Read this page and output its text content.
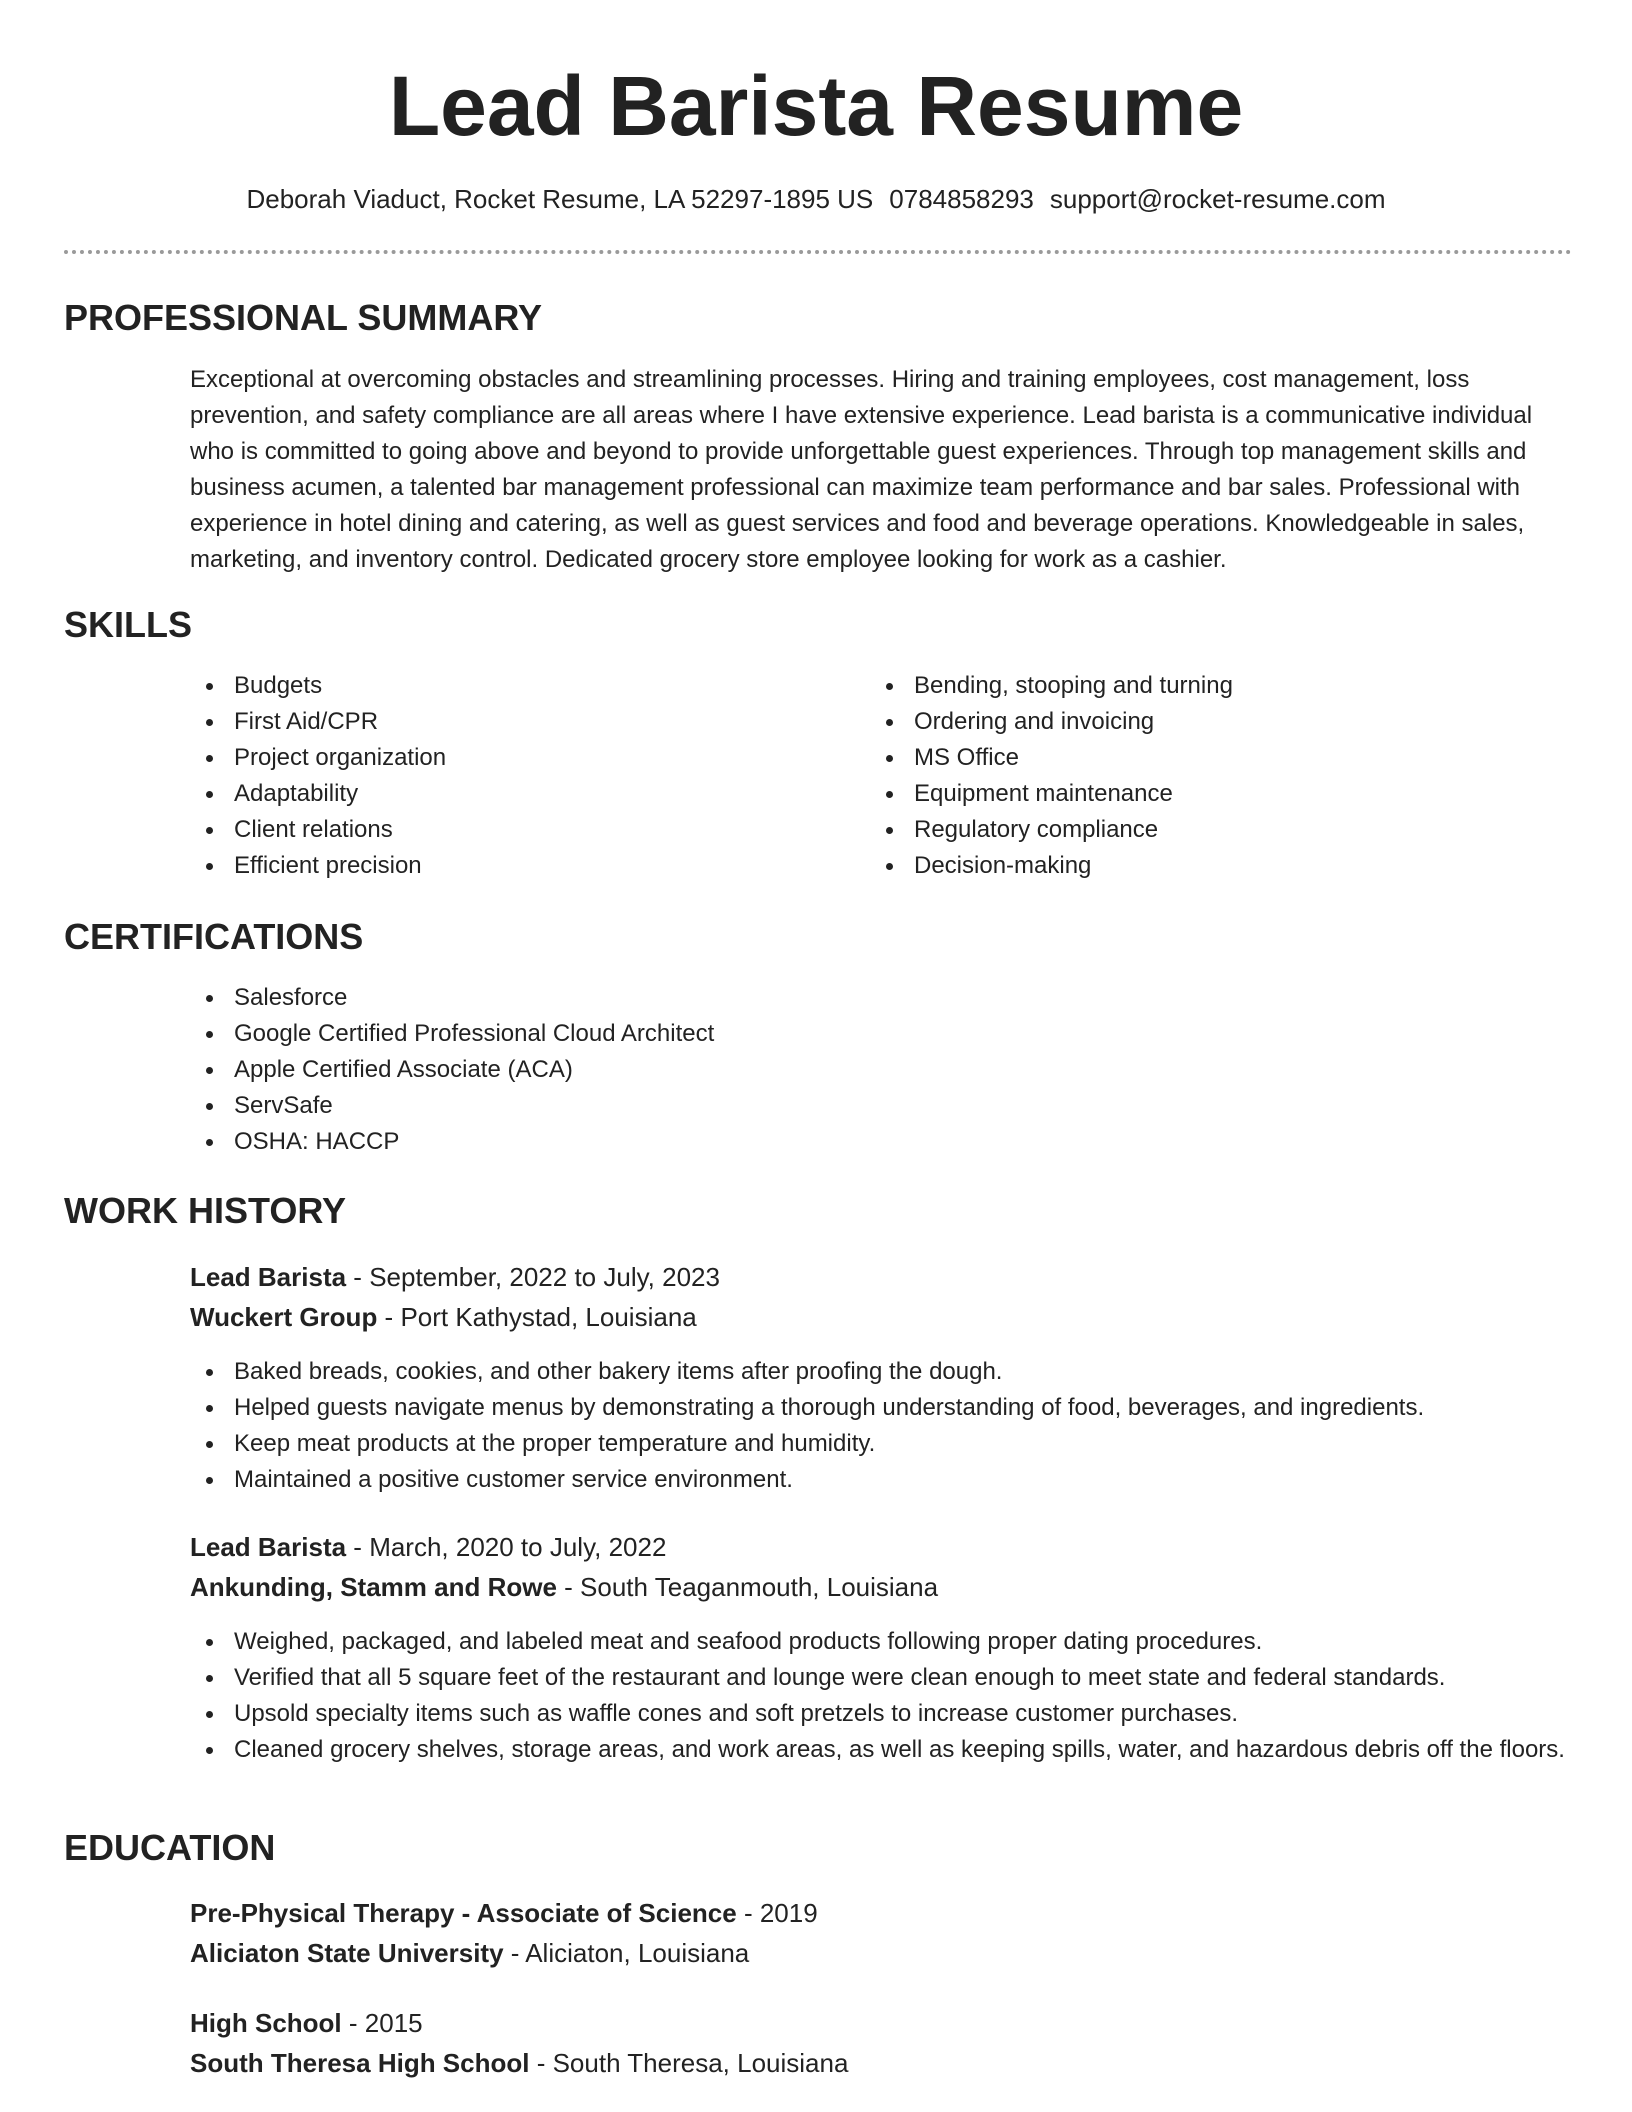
Lead Barista Resume
Deborah Viaduct, Rocket Resume, LA 52297-1895 US 0784858293 support@rocket-resume.com
PROFESSIONAL SUMMARY
Exceptional at overcoming obstacles and streamlining processes. Hiring and training employees, cost management, loss prevention, and safety compliance are all areas where I have extensive experience. Lead barista is a communicative individual who is committed to going above and beyond to provide unforgettable guest experiences. Through top management skills and business acumen, a talented bar management professional can maximize team performance and bar sales. Professional with experience in hotel dining and catering, as well as guest services and food and beverage operations. Knowledgeable in sales, marketing, and inventory control. Dedicated grocery store employee looking for work as a cashier.
SKILLS
Budgets
First Aid/CPR
Project organization
Adaptability
Client relations
Efficient precision
Bending, stooping and turning
Ordering and invoicing
MS Office
Equipment maintenance
Regulatory compliance
Decision-making
CERTIFICATIONS
Salesforce
Google Certified Professional Cloud Architect
Apple Certified Associate (ACA)
ServSafe
OSHA: HACCP
WORK HISTORY
Lead Barista - September, 2022 to July, 2023
Wuckert Group - Port Kathystad, Louisiana
Baked breads, cookies, and other bakery items after proofing the dough.
Helped guests navigate menus by demonstrating a thorough understanding of food, beverages, and ingredients.
Keep meat products at the proper temperature and humidity.
Maintained a positive customer service environment.
Lead Barista - March, 2020 to July, 2022
Ankunding, Stamm and Rowe - South Teaganmouth, Louisiana
Weighed, packaged, and labeled meat and seafood products following proper dating procedures.
Verified that all 5 square feet of the restaurant and lounge were clean enough to meet state and federal standards.
Upsold specialty items such as waffle cones and soft pretzels to increase customer purchases.
Cleaned grocery shelves, storage areas, and work areas, as well as keeping spills, water, and hazardous debris off the floors.
EDUCATION
Pre-Physical Therapy - Associate of Science - 2019
Aliciaton State University - Aliciaton, Louisiana
High School - 2015
South Theresa High School - South Theresa, Louisiana
